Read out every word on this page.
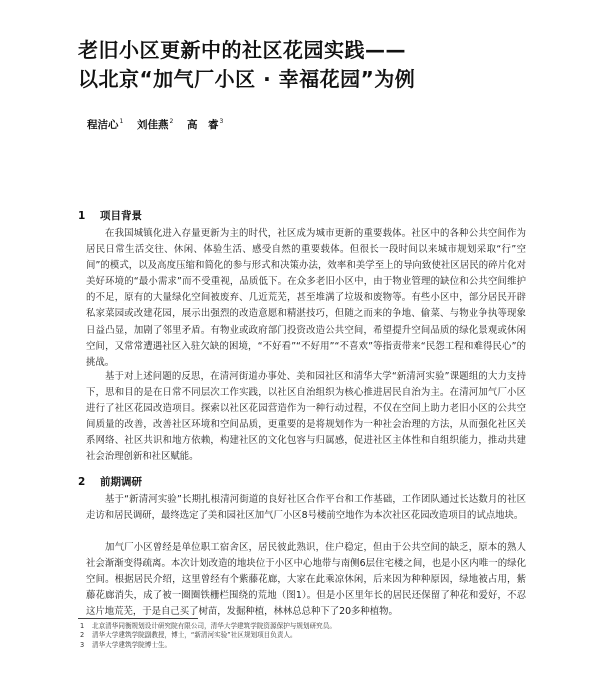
老旧小区更新中的社区花园实践——
以北京“加气厂小区 · 幸福花园”为例
程洁心$^1$ 刘佳燕$^2$ 高　睿$^3$
1 项目背景
在我国城镇化进入存量更新为主的时代，社区成为城市更新的重要载体。社区中的各种公共空间作为居民日常生活交往、休闲、体验生活、感受自然的重要载体。但很长一段时间以来城市规划采取“行”空间”的模式，以及高度压缩和简化的参与形式和决策办法，效率和美学至上的导向致使社区居民的碎片化对美好环境的“最小需求”而不受重视，品质低下。在众多老旧小区中，由于物业管理的缺位和公共空间维护的不足，原有的大量绿化空间被废弃、几近荒芜，甚至堆满了垃圾和废物等。有些小区中，部分居民开辟私家菜园或改建花园，展示出强烈的改造意愿和精湛技巧，但随之而来的争地、偷菜、与物业争执等现象日益凸显，加剧了邻里矛盾。有物业或政府部门投资改造公共空间，希望提升空间品质的绿化景观或休闲空间，又常常遭遇社区入驻欠缺的困境，“不好看”“不好用”“不喜欢”等指责带来“民怨工程和难得民心”的挑战。
基于对上述问题的反思，在清河街道办事处、美和园社区和清华大学“新清河实验”课题组的大力支持下，思和目的是在日常不同层次工作实践，以社区自治组织为核心推进居民自治为主。在清河加气厂小区进行了社区花园改造项目。探索以社区花园营造作为一种行动过程，不仅在空间上助力老旧小区的公共空间质量的改善，改善社区环境和空间品质，更重要的是将规划作为一种社会治理的方法，从而强化社区关系网络、社区共识和地方依赖，构建社区的文化包容与归属感，促进社区主体性和自组织能力，推动共建社会治理创新和社区赋能。
2 前期调研
基于“新清河实验”长期扎根清河街道的良好社区合作平台和工作基础，工作团队通过长达数月的社区走访和居民调研，最终选定了美和园社区加气厂小区8号楼前空地作为本次社区花园改造项目的试点地块。
加气厂小区曾经是单位职工宿舍区，居民彼此熟识，住户稳定，但由于公共空间的缺乏，原本的熟人社会渐渐变得疏离。本次计划改造的地块位于小区中心地带与南侧6层住宅楼之间，也是小区内唯一的绿化空间。根据居民介绍，这里曾经有个紫藤花廊，大家在此乘凉休闲，后来因为种种原因，绿地被占用，紫藤花廊消失，成了被一圈圈铁栅栏围绕的荒地（图1）。但是小区里年长的居民还保留了种花和爱好，不忍这片地荒芜，于是自己买了树苗，发掘种植，林林总总种下了20多种植物。
1 北京清华同衡规划设计研究院有限公司，清华大学建筑学院资源保护与规划研究员。
2 清华大学建筑学院副教授，博士，“新清河实验”社区规划项目负责人。
3 清华大学建筑学院博士生。
